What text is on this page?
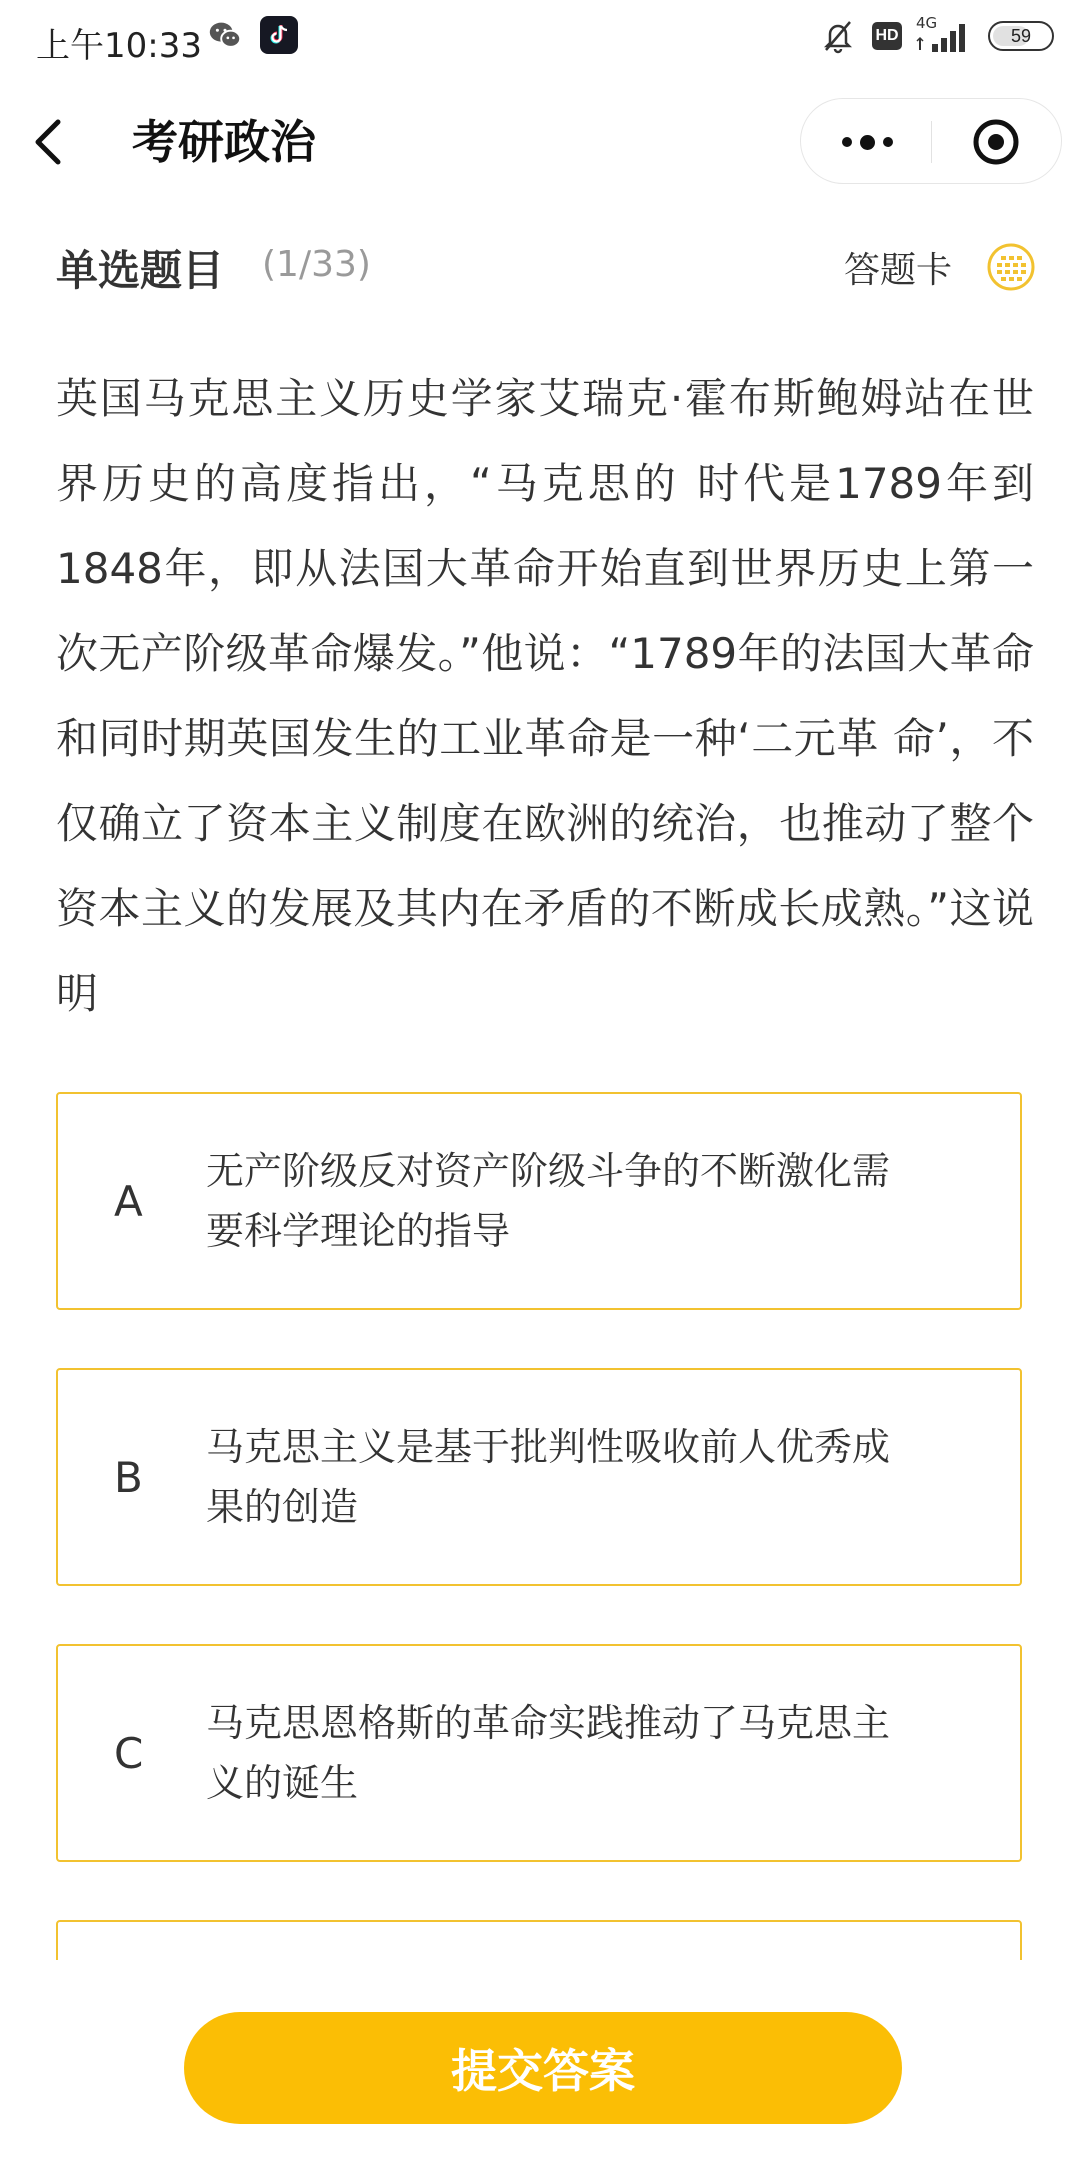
上午10:33	HD
4G
59
考研政治
单选题目 (1/33)	答题卡

英国马克思主义历史学家艾瑞克·霍布斯鲍姆站在世界历史的高度指出，“马克思的 时代是1789年到1848年，即从法国大革命开始直到世界历史上第一次无产阶级革命爆发。”他说：“1789年的法国大革命和同时期英国发生的工业革命是一种‘二元革 命’，不仅确立了资本主义制度在欧洲的统治，也推动了整个资本主义的发展及其内在矛盾的不断成长成熟。”这说明

A

无产阶级反对资产阶级斗争的不断激化需要科学理论的指导

B

马克思主义是基于批判性吸收前人优秀成果的创造

C

马克思恩格斯的革命实践推动了马克思主义的诞生

提交答案
